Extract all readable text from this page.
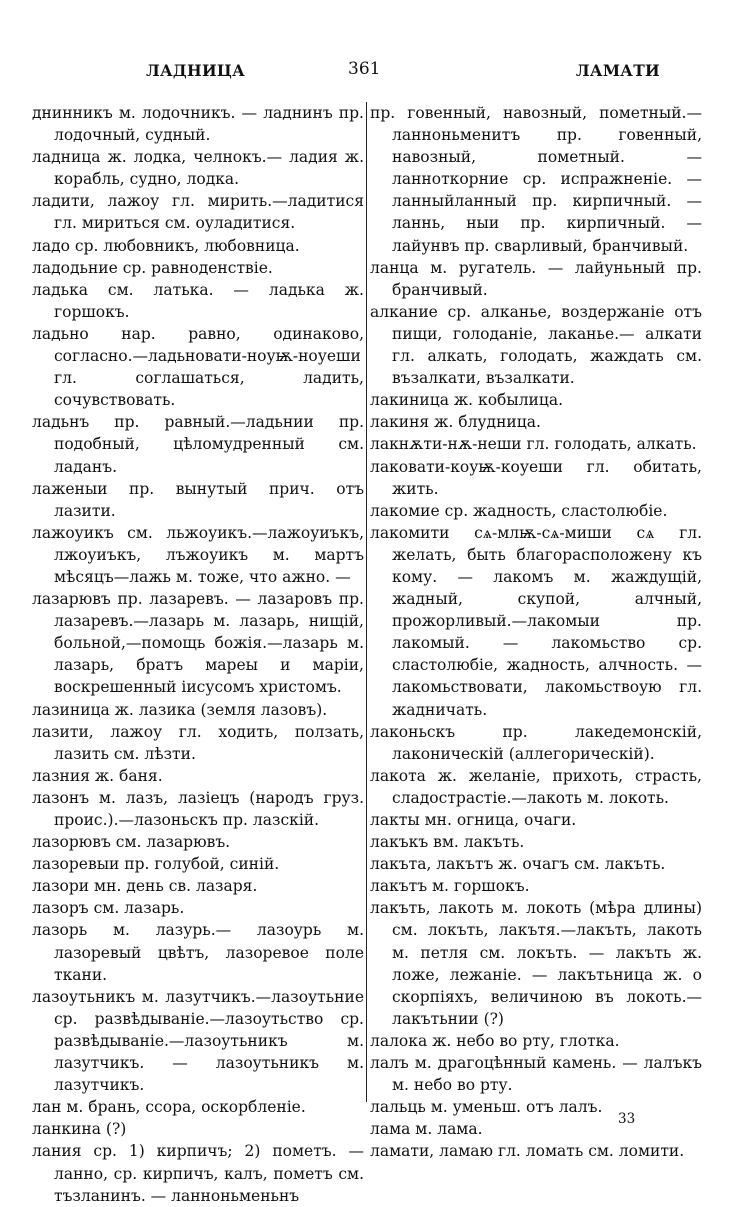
ЛАДНИЦА	361	ЛАМАТИ

днинникъ м. лодочникъ. — ладнинъ пр. лодочный, судный.

ладница ж. лодка, челнокъ.— ладия ж. корабль, судно, лодка.

ладити, лажоу гл. мирить.—ладитися гл. мириться см. оуладитися.

ладо ср. любовникъ, любовница.

ладодьние ср. равноденствіе.

ладька см. латька. — ладька ж. горшокъ.

ладьно нар. равно, одинаково, согласно.—ладьновати-ноуѭ-ноуеши гл. соглашаться, ладить, сочувствовать.

ладьнъ пр. равный.—ладьнии пр. подобный, цѣломудренный см. ладанъ.

лаженыи пр. вынутый прич. отъ лазити.

лажоуикъ см. льжоуикъ.—лажоуиъкъ, лжоуиъкъ, лъжоуикъ м. мартъ мѣсяцъ—лажь м. тоже, что ажно. —

лазарювъ пр. лазаревъ. — лазаровъ пр. лазаревъ.—лазарь м. лазарь, нищій, больной,—помощь божія.—лазарь м. лазарь, братъ мареы и маріи, воскрешенный іисусомъ христомъ.

лазиница ж. лазика (земля лазовъ).

лазити, лажоу гл. ходить, ползать, лазить см. лѣзти.

лазния ж. баня.

лазонъ м. лазъ, лазіецъ (народъ груз. проис.).—лазоньскъ пр. лазскій.

лазорювъ см. лазарювъ.

лазоревыи пр. голубой, синій.

лазори мн. день св. лазаря.

лазоръ см. лазарь.

лазорь м. лазурь.— лазоурь м. лазоревый цвѣтъ, лазоревое поле ткани.

лазоутьникъ м. лазутчикъ.—лазоутьние ср. развѣдываніе.—лазоутьство ср. развѣдываніе.—лазоутьникъ м. лазутчикъ. — лазоутьникъ м. лазутчикъ.

лан м. брань, ссора, оскорбленіе.

ланкина (?)

лания ср. 1) кирпичъ; 2) пометъ. — ланно, ср. кирпичъ, калъ, пометъ см. тъзланинъ. — ланноньменьнъ

пр. говенный, навозный, пометный.—ланноньменитъ пр. говенный, навозный, пометный. — ланноткорние ср. испражненіе. — ланныйланный пр. кирпичный. — ланнь, ныи пр. кирпичный. — лайунвъ пр. сварливый, бранчивый.

ланца м. ругатель. — лайуньный пр. бранчивый.

алканиe ср. алканье, воздержаніе отъ пищи, голоданіе, лаканье.— алкати гл. алкать, голодать, жаждать см. възалкати, възалкати.

лакиница ж. кобылица.

лакиня ж. блудница.

лакнѫти-нѫ-неши гл. голодать, алкать.

лаковати-коуѭ-коуеши гл. обитать, жить.

лакомие ср. жадность, сластолюбіе.

лакомити сѧ-млѭ-сѧ-миши сѧ гл. желать, быть благорасположену къ кому. — лакомъ м. жаждущій, жадный, скупой, алчный, прожорливый.—лакомыи пр. лакомый. — лакомьство ср. сластолюбіе, жадность, алчность. — лакомьствовати, лакомьствоую гл. жадничать.

лаконьскъ пр. лакедемонскій, лаконическій (аллегорическій).

лакота ж. желаніе, прихоть, страсть, сладострастіе.—лакоть м. локоть.

лакты мн. огница, очаги.

лакъкъ вм. лакъть.

лакъта, лакътъ ж. очагъ см. лакъть.

лакътъ м. горшокъ.

лакъть, лакоть м. локоть (мѣра длины) см. локъть, лакътя.—лакъть, лакоть м. петля см. локъть. — лакъть ж. ложе, лежаніе. — лакътьница ж. о скорпіяхъ, величиною въ локоть.—лакътьнии (?)

лалока ж. небо во рту, глотка.

лалъ м. драгоцѣнный камень. — лалъкъ м. небо во рту.

лальць м. уменьш. отъ лалъ.

лама м. лама.

ламати, ламаю гл. ломать см. ломити.

33
